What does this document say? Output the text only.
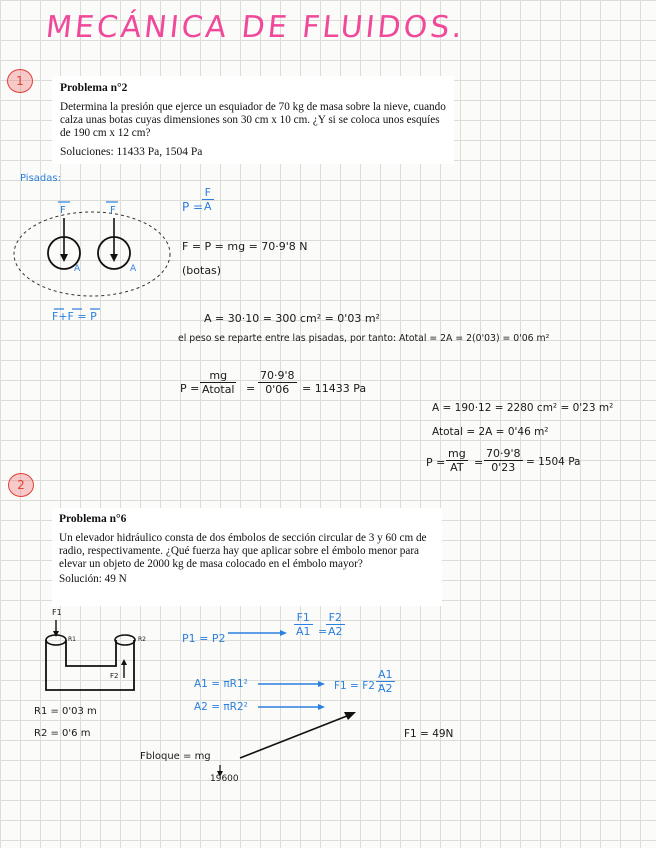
MECÁNICA DE FLUIDOS.
1	Problema n°2

Determina la presión que ejerce un esquiador de 70 kg de masa sobre la nieve, cuando calza unas botas cuyas dimensiones son 30 cm x 10 cm. ¿Y si se coloca unos esquíes de 190 cm x 12 cm?

Soluciones: 11433 Pa, 1504 Pa
Pisadas:
F	F
A	A
F+F = P
P =
$\frac{F}{A}$
F = P = mg = 70·9'8 N
(botas)
A = 30·10 = 300 cm² = 0'03 m²
el peso se reparte entre las pisadas, por tanto: Atotal = 2A = 2(0'03) = 0'06 m²
P =
mg
Atotal = $\frac{70\cdot 9'8}{0'06} = 11433$ Pa
A = 190·12 = 2280 cm² = 0'23 m²
Atotal = 2A = 0'46 m²
$P = \frac{mg}{AT} = \frac{70\cdot 9'8}{0'23} = 1504$ Pa
2
Problema n°6

Un elevador hidráulico consta de dos émbolos de sección circular de 3 y 60 cm de radio, respectivamente. ¿Qué fuerza hay que aplicar sobre el émbolo menor para elevar un objeto de 2000 kg de masa colocado en el émbolo mayor?

Solución: 49 N
F1
R1	R2
F2
P1 = P2
$\frac{F1}{A1}$ =
$\frac{F2}{A2}$
A1 = πR1²
A2 = πR2²
F1 = F2 ·
$\frac{A1}{A2}$
R1 = 0'03 m
R2 = 0'6 m	F1 = 49N
Fbloque = mg
19600
